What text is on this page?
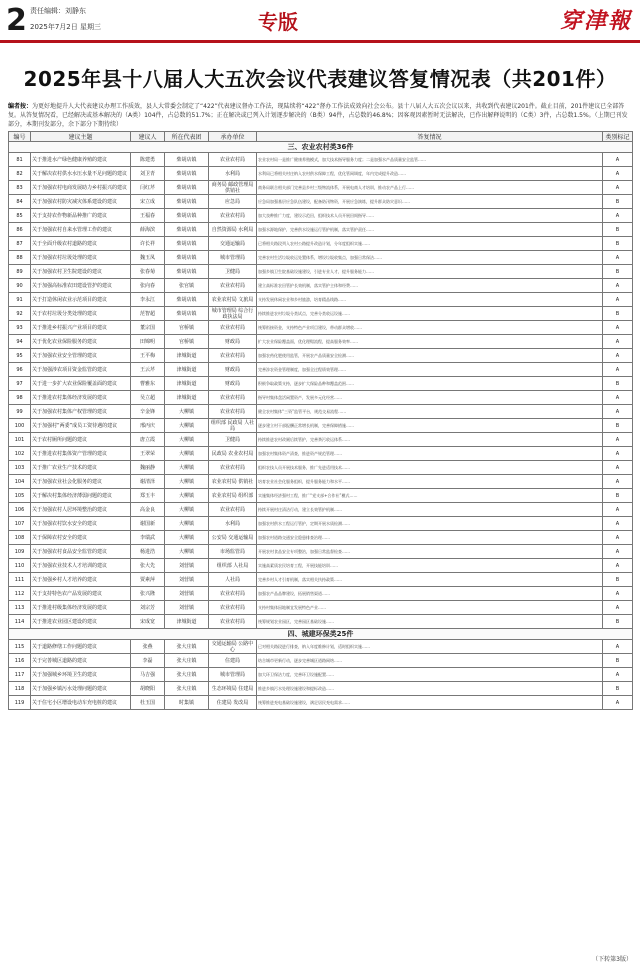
2 责任编辑：刘静东
2025年7月2日 星期三	专版	穿津報
2025年县十八届人大五次会议代表建议答复情况表（共201件）
编者按：为更好地提升人大代表建议办理工作质效，县人大常委会制定了“422”代表建议督办工作法，现陆续将“422”督办工作法成效向社会公布。县十八届人大五次会议以来，共收到代表建议201件。截止目前，201件建议已全部答复。从答复情况看，已经解决或基本解决的（A类）104件，占总数的51.7%；正在解决或已列入计划逐步解决的（B类）94件，占总数的46.8%；因客观因素暂时无法解决，已作出解释说明的（C类）3件，占总数1.5%。（上期已刊发部分，本期刊发部分，余下部分下期待续）
编号	建议主题	建议人	所在代表团	承办单位	答复情况	类别标记
三、农业农村类36件						
81	关于推进水产绿色健康养殖的建议	陈建勇	柴胡店镇	农业农村局	农业农村局一是推广健康养殖模式，加大技术指导服务力度；二是加强水产品质量安全监管……	A
82	关于解决农村供水水压水量不足问题的建议	刘卫青	柴胡店镇	水利局	水利局已将相关村庄纳入农村供水保障工程，优化管网调度，年内完成提升改造……	A
83	关于加强农村电商发展助力乡村振兴的建议	闫红芹	柴胡店镇	商务局 邮政管理局 供销社	商务局联合相关部门完善县乡村三级物流体系，开展电商人才培训，推动农产品上行……	A
84	关于加强农村防灾减灾体系建设的建议	宋立成	柴胡店镇	应急局	应急局加强基层应急队伍建设，配备防汛物资，开展应急演练，提升群众防灾意识……	B
85	关于支持农作物新品种推广的建议	王福春	柴胡店镇	农业农村局	加大良种推广力度，建设示范田，组织技术人员开展田间指导……	A
86	关于加强农村自来水管理工作的建议	薛海滨	柴胡店镇	自然资源局 水利局	加强水源地保护，完善供水设施运行管护机制，落实管护责任……	B
87	关于全面升级农村道路的建议	许长祥	柴胡店镇	交通运输局	已将相关路段列入农村公路提升改造计划，分年度组织实施……	B
88	关于加强农村垃圾处理的建议	魏玉凤	柴胡店镇	城市管理局	完善农村生活垃圾收运处置体系，增设垃圾收集点，加强日常保洁……	A
89	关于加强农村卫生院建设的建议	张春菊	柴胡店镇	卫健局	加强乡镇卫生院基础设施建设，引进专业人才，提升服务能力……	B
90	关于加强高标准农田建设管护的建议	张向春	张官镇	农业农村局	建立高标准农田管护长效机制，落实管护主体和经费……	A
91	关于打造休闲农业示范项目的建议	李永江	柴胡店镇	农业农村局 文旅局	支持发展休闲农业和乡村旅游，培育精品线路……	A
92	关于农村垃圾分类处理的建议	范智超	柴胡店镇	城市管理局 综合行政执法局	持续推进农村垃圾分类试点，完善分类收运设施……	B
93	关于推进乡村振兴产业项目的建议	董宗国	官桥镇	农业农村局	统筹衔接资金，支持特色产业项目建设，带动群众增收……	A
94	关于优化农业保险服务的建议	田锦明	官桥镇	财政局	扩大农业保险覆盖面，优化理赔流程，提高服务效率……	A
95	关于加强农业安全管理的建议	王平梅	津城街道	农业农村局	加强农药化肥使用监管，开展农产品质量安全检测……	A
96	关于加强涉农项目资金监管的建议	王云芹	津城街道	财政局	完善涉农资金管理制度，加强全过程绩效管理……	A
97	关于进一步扩大农业保险覆盖面的建议	曹雅东	津城街道	财政局	积极争取政策支持，逐步扩大保险品种和覆盖范围……	B
98	关于推进农村集体经济发展的建议	吴立超	津城街道	农业农村局	指导村集体盘活闲置资产，发展多元化经营……	A
99	关于加强农村集体产权管理的建议	辛金锋	大柳镇	农业农村局	健全农村集体“三资”监管平台，规范交易流程……	A
100	关于加强村“两委”成员工资待遇的建议	邢丙庆	大柳镇	组织部 民政局 人社局	逐步建立村干部报酬正常增长机制，完善保障措施……	B
101	关于农村厕所问题的建议	唐立霞	大柳镇	卫健局	持续推进农村改厕后续管护，完善粪污收运体系……	A
102	关于推进农村集体资产管理的建议	王翠荣	大柳镇	民政局 农业农村局	加强农村集体资产清查，推进资产规范管理……	A
103	关于推广农业生产技术的建议	魏丽静	大柳镇	农业农村局	组织农技人员开展技术服务，推广先进适用技术……	A
104	关于加强农业社会化服务的建议	谢清泽	大柳镇	农业农村局 供销社	培育农业社会化服务组织，提升服务能力和水平……	A
105	关于解决村集体经济薄弱问题的建议	郑玉丰	大柳镇	农业农村局 组织部	实施集体经济强村工程，推广“党支部+合作社”模式……	B
106	关于加强农村人居环境整治的建议	高金良	大柳镇	农业农村局	持续开展村庄清洁行动，建立长效管护机制……	A
107	关于加强农村饮水安全的建议	谢国新	大柳镇	水利局	加强农村供水工程运行管护，定期开展水质检测……	A
108	关于保障农村安全的建议	李瑞武	大柳镇	公安局 交通运输局	加强农村道路交通安全隐患排查治理……	A
109	关于加强农村食品安全监管的建议	杨进浩	大柳镇	市场监管局	开展农村食品安全专项整治，加强日常监督检查……	A
110	关于加强农业技术人才培训的建议	张大先	刘营镇	组织部 人社局	实施高素质农民培育工程，开展技能培训……	A
111	关于加强乡村人才培养的建议	贾素萍	刘营镇	人社局	完善乡村人才引育机制，落实相关扶持政策……	B
112	关于支持特色农产品发展的建议	张兴隆	刘营镇	农业农村局	加强农产品品牌建设，拓展销售渠道……	A
113	关于推进村级集体经济发展的建议	刘宗芳	刘营镇	农业农村局	支持村集体因地制宜发展特色产业……	A
114	关于推进农业园区建设的建议	宋成宽	津城街道	农业农村局	统筹规划农业园区，完善园区基础设施……	B
四、城建环保类25件						
115	关于道路修缮工作问题的建议	张燕	张大庄镇	交通运输局 公路中心	已对相关路段进行排查，纳入年度维修计划，适时组织实施……	A
116	关于完善城区道路的建议	李磊	张大庄镇	住建局	结合城市更新行动，逐步完善城区道路网络……	B
117	关于加强城乡环境卫生的建议	马吉强	张大庄镇	城市管理局	加大环卫保洁力度，完善环卫设施配置……	A
118	关于加强乡镇污水处理问题的建议	胡晓阳	张大庄镇	生态环境局 住建局	推进乡镇污水处理设施建设和提标改造……	B
119	关于住宅小区增设电动车充电桩的建议	杜玉国	时集镇	住建局 发改局	统筹推进充电基础设施建设，满足居民充电需求……	A
（下转第3版）
